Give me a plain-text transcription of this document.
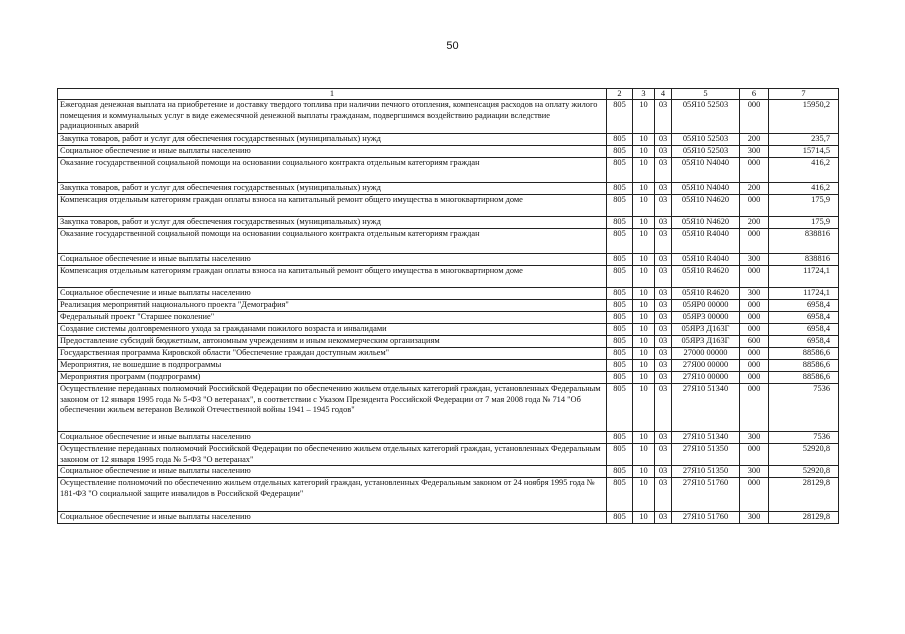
50
1	2	3	4	5	6	7
Ежегодная денежная выплата на приобретение и доставку твердого топлива при наличии печного отопления, компенсация расходов на оплату жилого помещения и коммунальных услуг в виде ежемесячной денежной выплаты гражданам, подвергшимся воздействию радиации вследствие радиационных аварий	805	10	03	05Я10 52503	000	15950,2
Закупка товаров, работ и услуг для обеспечения государственных (муниципальных) нужд	805	10	03	05Я10 52503	200	235,7
Социальное обеспечение и иные выплаты населению	805	10	03	05Я10 52503	300	15714,5
Оказание государственной социальной помощи на основании социального контракта отдельным категориям граждан	805	10	03	05Я10 N4040	000	416,2
Закупка товаров, работ и услуг для обеспечения государственных (муниципальных) нужд	805	10	03	05Я10 N4040	200	416,2
Компенсация отдельным категориям граждан оплаты взноса на капитальный ремонт общего имущества в многоквартирном доме	805	10	03	05Я10 N4620	000	175,9
Закупка товаров, работ и услуг для обеспечения государственных (муниципальных) нужд	805	10	03	05Я10 N4620	200	175,9
Оказание государственной социальной помощи на основании социального контракта отдельным категориям граждан	805	10	03	05Я10 R4040	000	838816
Социальное обеспечение и иные выплаты населению	805	10	03	05Я10 R4040	300	838816
Компенсация отдельным категориям граждан оплаты взноса на капитальный ремонт общего имущества в многоквартирном доме	805	10	03	05Я10 R4620	000	11724,1
Социальное обеспечение и иные выплаты населению	805	10	03	05Я10 R4620	300	11724,1
Реализация мероприятий национального проекта "Демография"	805	10	03	05ЯР0 00000	000	6958,4
Федеральный проект "Старшее поколение"	805	10	03	05ЯР3 00000	000	6958,4
Создание системы долговременного ухода за гражданами пожилого возраста и инвалидами	805	10	03	05ЯР3 Д163Г	000	6958,4
Предоставление субсидий бюджетным, автономным учреждениям и иным некоммерческим организациям	805	10	03	05ЯР3 Д163Г	600	6958,4
Государственная программа Кировской области "Обеспечение граждан доступным жильем"	805	10	03	27000 00000	000	88586,6
Мероприятия, не вошедшие в подпрограммы	805	10	03	27Я00 00000	000	88586,6
Мероприятия программ (подпрограмм)	805	10	03	27Я10 00000	000	88586,6
Осуществление переданных полномочий Российской Федерации по обеспечению жильем отдельных категорий граждан, установленных Федеральным законом от 12 января 1995 года № 5-ФЗ "О ветеранах", в соответствии с Указом Президента Российской Федерации от 7 мая 2008 года № 714 "Об обеспечении жильем ветеранов Великой Отечественной войны 1941 – 1945 годов"	805	10	03	27Я10 51340	000	7536
Социальное обеспечение и иные выплаты населению	805	10	03	27Я10 51340	300	7536
Осуществление переданных полномочий Российской Федерации по обеспечению жильем отдельных категорий граждан, установленных Федеральным законом от 12 января 1995 года № 5-ФЗ "О ветеранах"	805	10	03	27Я10 51350	000	52920,8
Социальное обеспечение и иные выплаты населению	805	10	03	27Я10 51350	300	52920,8
Осуществление полномочий по обеспечению жильем отдельных категорий граждан, установленных Федеральным законом от 24 ноября 1995 года № 181-ФЗ "О социальной защите инвалидов в Российской Федерации"	805	10	03	27Я10 51760	000	28129,8
Социальное обеспечение и иные выплаты населению	805	10	03	27Я10 51760	300	28129,8
